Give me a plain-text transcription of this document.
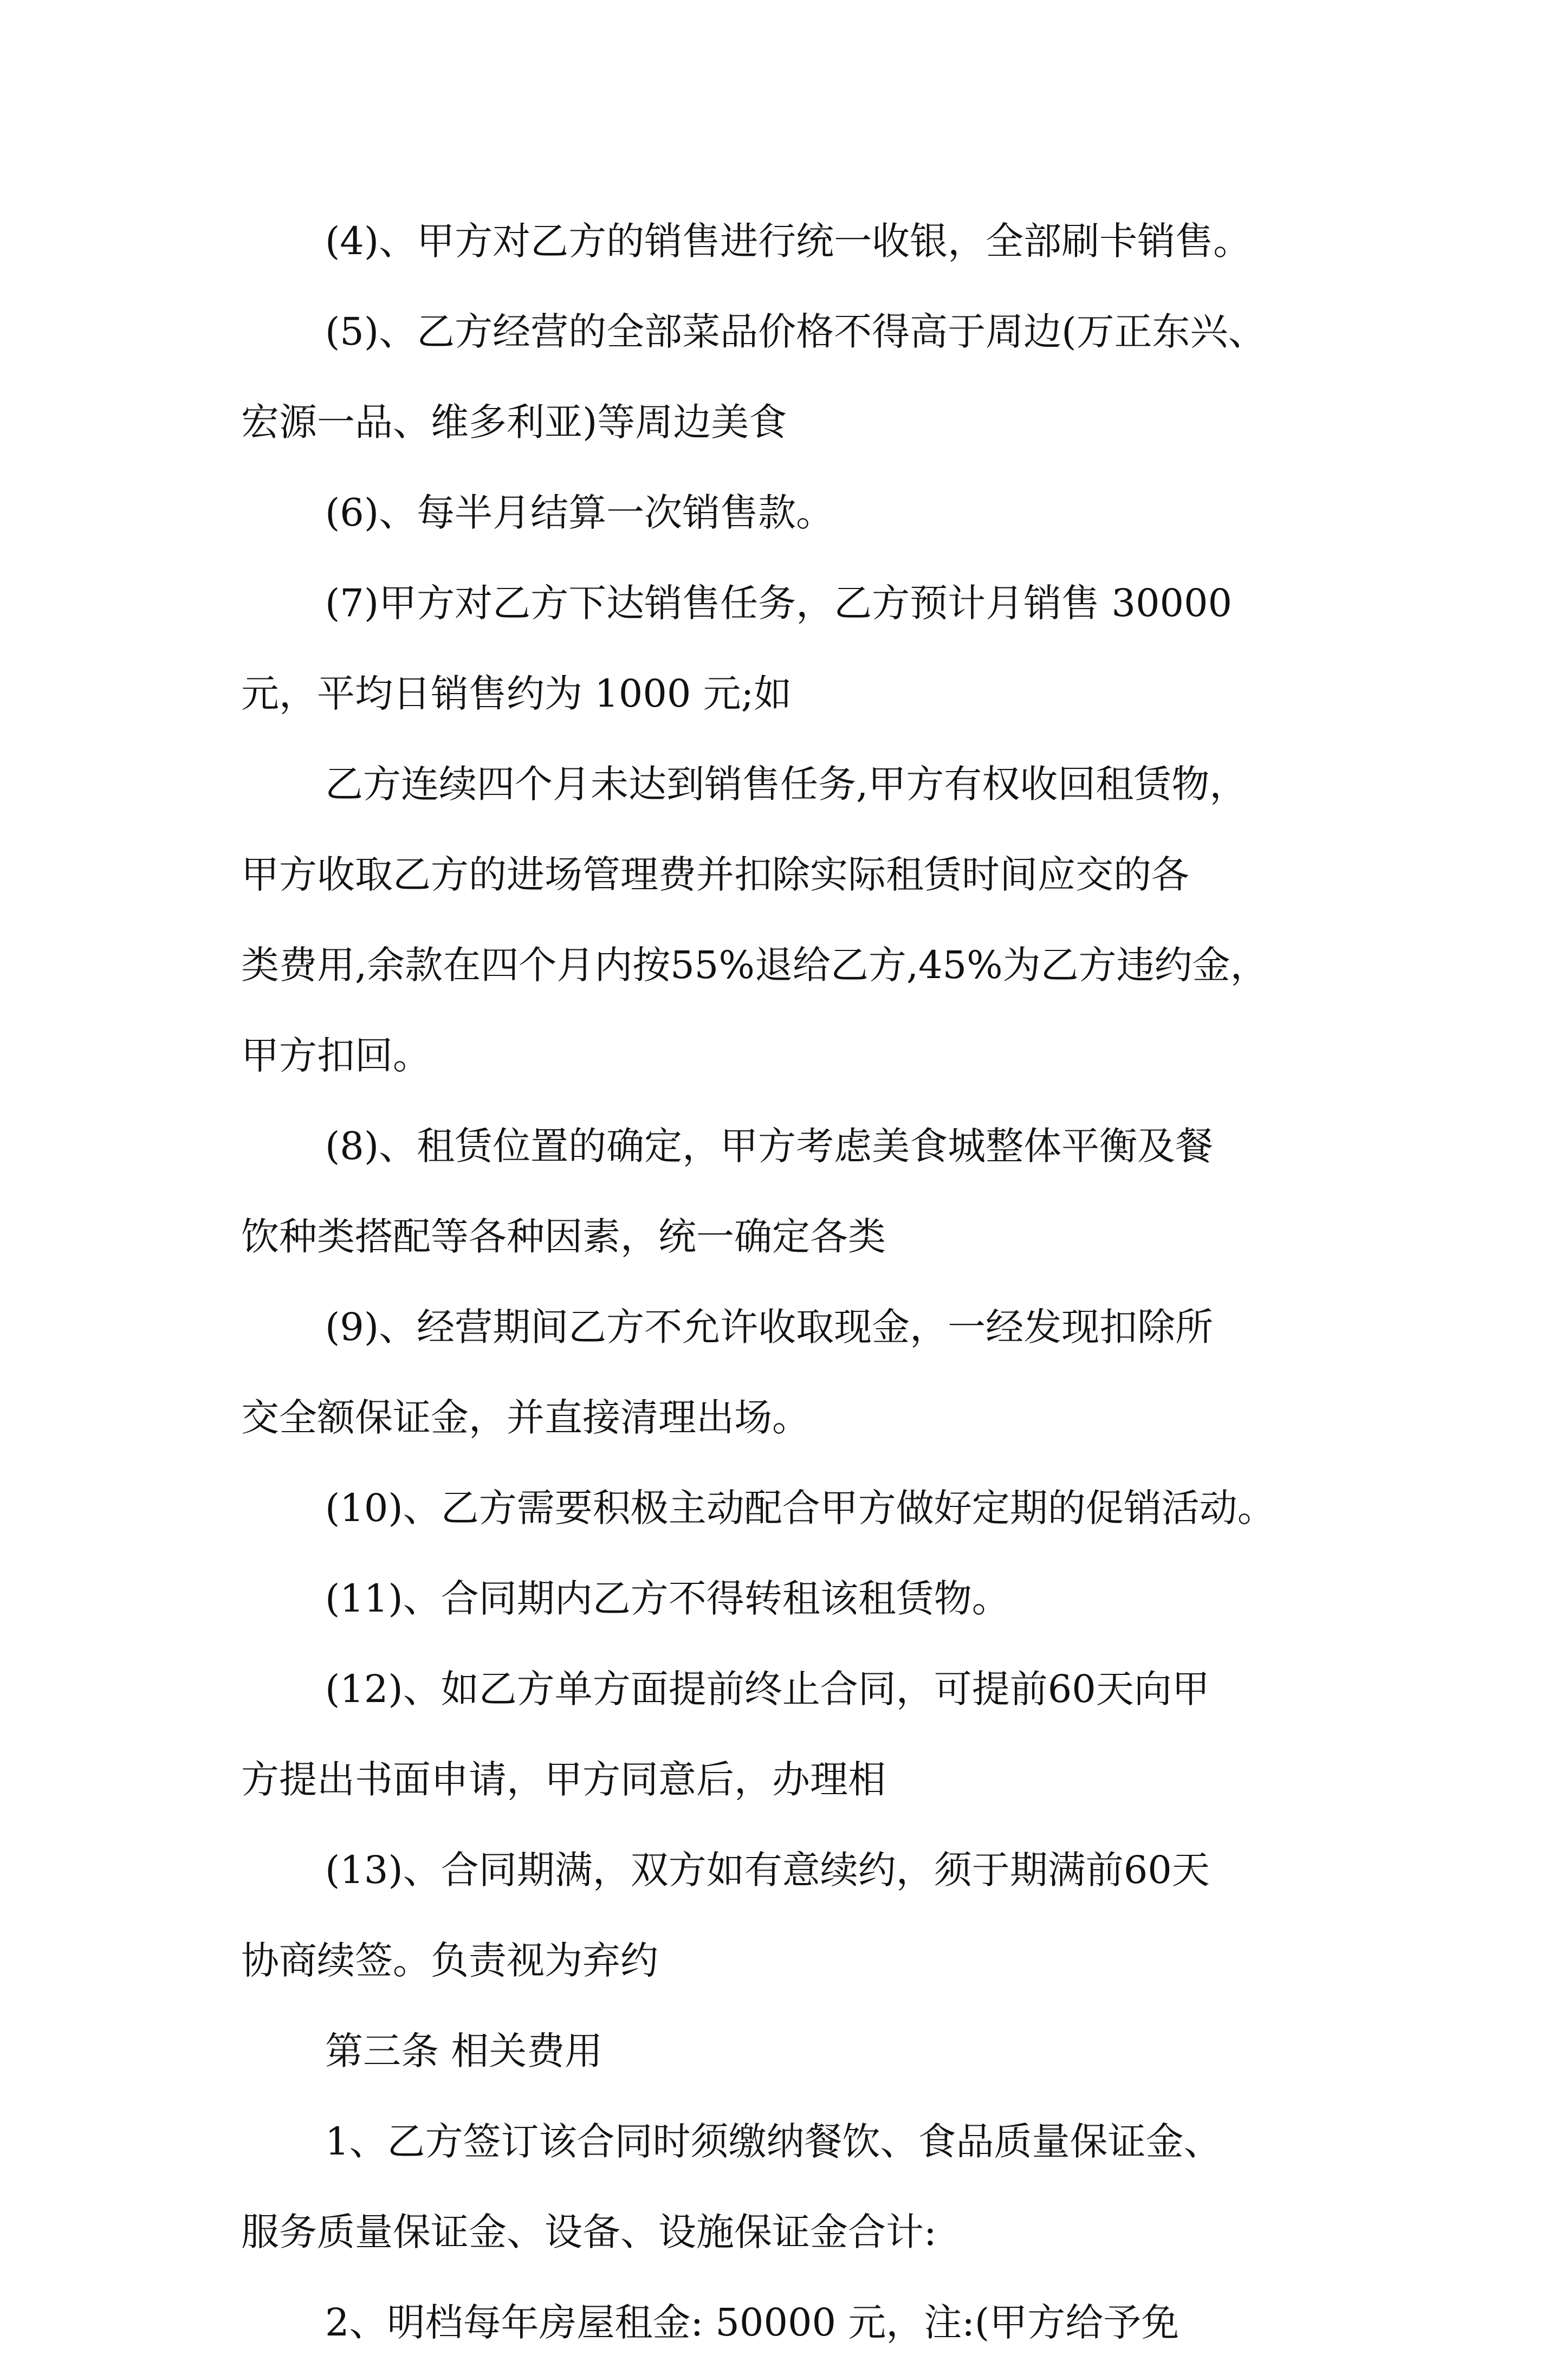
(4)、甲方对乙方的销售进行统一收银，全部刷卡销售。
(5)、乙方经营的全部菜品价格不得高于周边(万正东兴、
宏源一品、维多利亚)等周边美食
(6)、每半月结算一次销售款。
(7)甲方对乙方下达销售任务，乙方预计月销售 30000
元，平均日销售约为 1000 元;如
乙方连续四个月未达到销售任务,甲方有权收回租赁物，
甲方收取乙方的进场管理费并扣除实际租赁时间应交的各
类费用,余款在四个月内按55%退给乙方,45%为乙方违约金，
甲方扣回。
(8)、租赁位置的确定，甲方考虑美食城整体平衡及餐
饮种类搭配等各种因素，统一确定各类
(9)、经营期间乙方不允许收取现金，一经发现扣除所
交全额保证金，并直接清理出场。
(10)、乙方需要积极主动配合甲方做好定期的促销活动。
(11)、合同期内乙方不得转租该租赁物。
(12)、如乙方单方面提前终止合同，可提前60天向甲
方提出书面申请，甲方同意后，办理相
(13)、合同期满，双方如有意续约，须于期满前60天
协商续签。负责视为弃约
第三条 相关费用
1、乙方签订该合同时须缴纳餐饮、食品质量保证金、
服务质量保证金、设备、设施保证金合计:
2、明档每年房屋租金: 50000 元，注:(甲方给予免
